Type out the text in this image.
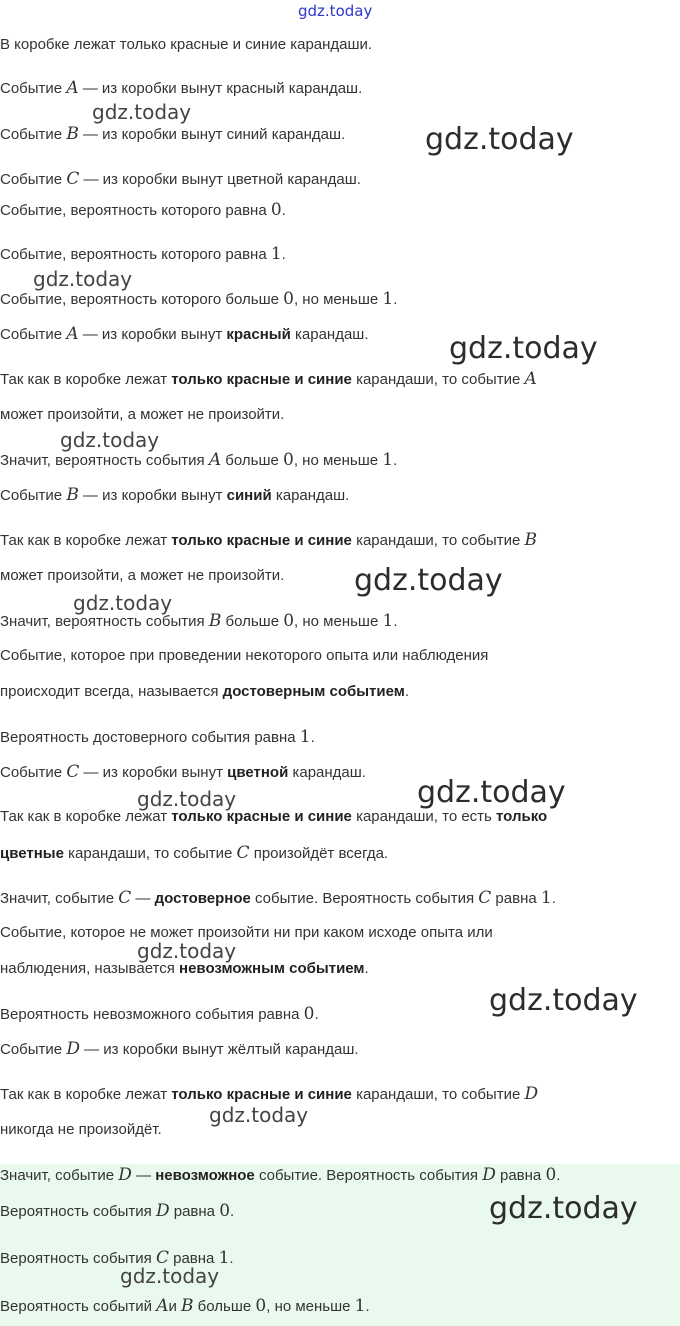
В коробке лежат только красные и синие карандаши.
Событие A — из коробки вынут красный карандаш.
Событие B — из коробки вынут синий карандаш.
Событие C — из коробки вынут цветной карандаш.
Событие, вероятность которого равна 0.
Событие, вероятность которого равна 1.
Событие, вероятность которого больше 0, но меньше 1.
Событие A — из коробки вынут красный карандаш.
Так как в коробке лежат только красные и синие карандаши, то событие A
может произойти, а может не произойти.
Значит, вероятность события A больше 0, но меньше 1.
Событие B — из коробки вынут синий карандаш.
Так как в коробке лежат только красные и синие карандаши, то событие B
может произойти, а может не произойти.
Значит, вероятность события B больше 0, но меньше 1.
Событие, которое при проведении некоторого опыта или наблюдения
происходит всегда, называется достоверным событием.
Вероятность достоверного события равна 1.
Событие C — из коробки вынут цветной карандаш.
Так как в коробке лежат только красные и синие карандаши, то есть только
цветные карандаши, то событие C произойдёт всегда.
Значит, событие C — достоверное событие. Вероятность события C равна 1.
Событие, которое не может произойти ни при каком исходе опыта или
наблюдения, называется невозможным событием.
Вероятность невозможного события равна 0.
Событие D — из коробки вынут жёлтый карандаш.
Так как в коробке лежат только красные и синие карандаши, то событие D
никогда не произойдёт.
Значит, событие D — невозможное событие. Вероятность события D равна 0.
Вероятность события D равна 0.
Вероятность события C равна 1.
Вероятность событий Aи B больше 0, но меньше 1.
gdz.today
gdz.today
gdz.today
gdz.today
gdz.today
gdz.today
gdz.today
gdz.today
gdz.today	gdz.today
gdz.today
gdz.today
gdz.today
gdz.today
gdz.today
